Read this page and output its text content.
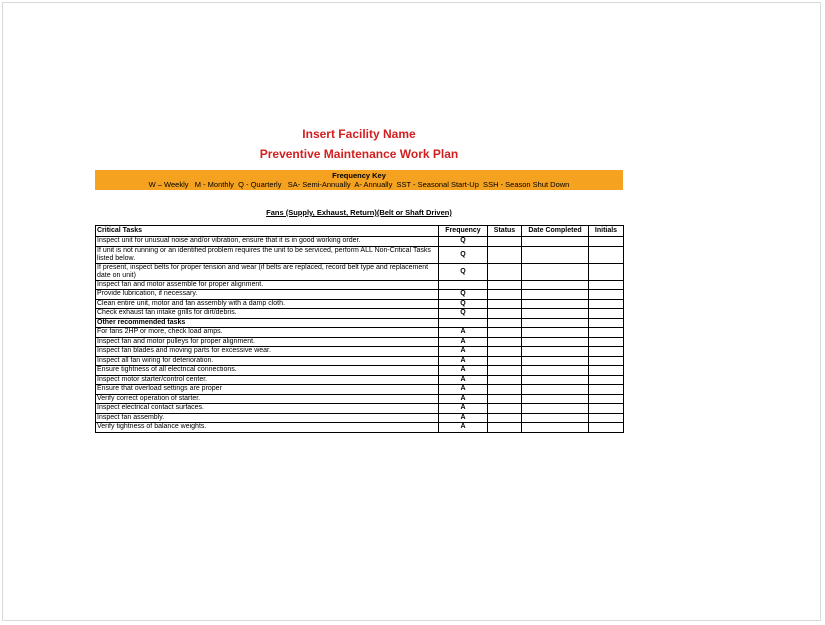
Insert Facility Name
Preventive Maintenance Work Plan
Frequency Key
W – Weekly   M - Monthly  Q - Quarterly   SA- Semi-Annually  A- Annually  SST - Seasonal Start-Up  SSH - Season Shut Down
Fans (Supply, Exhaust, Return)(Belt or Shaft Driven)
Critical Tasks	Frequency	Status	Date Completed	Initials
Inspect unit for unusual noise and/or vibration, ensure that it is in good working order.	Q			
If unit is not running or an identified problem requires the unit to be serviced, perform ALL Non-Critical Tasks listed below.	Q			
If present, inspect belts for proper tension and wear (if belts are replaced, record belt type and replacement date on unit)	Q			
Inspect fan and motor assemble for proper alignment.				
Provide lubrication, if necessary.	Q			
Clean entire unit, motor and fan assembly with a damp cloth.	Q			
Check exhaust fan intake grills for dirt/debris.	Q			
Other recommended tasks				
For fans 2HP or more, check load amps.	A			
Inspect fan and motor pulleys for proper alignment.	A			
Inspect fan blades and moving parts for excessive wear.	A			
Inspect all fan wiring for deterioration.	A			
Ensure tightness of all electrical connections.	A			
Inspect motor starter/control center.	A			
Ensure that overload settings are proper	A			
Verify correct operation of starter.	A			
Inspect electrical contact surfaces.	A			
Inspect fan assembly.	A			
Verify tightness of balance weights.	A			
